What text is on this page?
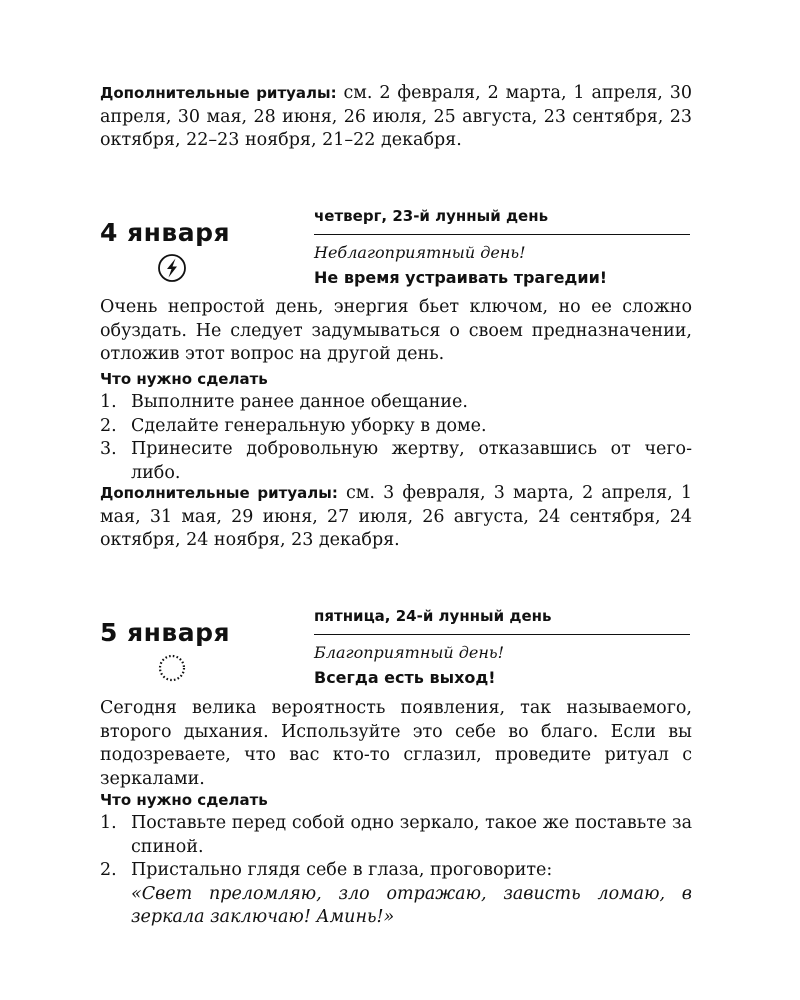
Дополнительные ритуалы: см. 2 февраля, 2 марта, 1 апреля, 30 апреля, 30 мая, 28 июня, 26 июля, 25 августа, 23 сентября, 23 октября, 22–23 ноября, 21–22 декабря.

4 января

четверг, 23-й лунный день

Неблагоприятный день!

Не время устраивать трагедии!

Очень непростой день, энергия бьет ключом, но ее сложно обуздать. Не следует задумываться о своем предназначении, отложив этот вопрос на другой день.

Что нужно сделать
1. Выполните ранее данное обещание.
2. Сделайте генеральную уборку в доме.
3. Принесите добровольную жертву, отказавшись от чего-либо.

Дополнительные ритуалы: см. 3 февраля, 3 марта, 2 апреля, 1 мая, 31 мая, 29 июня, 27 июля, 26 августа, 24 сентября, 24 октября, 24 ноября, 23 декабря.

5 января

пятница, 24-й лунный день

Благоприятный день!

Всегда есть выход!

Сегодня велика вероятность появления, так называемого, второго дыхания. Используйте это себе во благо. Если вы подозреваете, что вас кто-то сглазил, проведите ритуал с зеркалами.

Что нужно сделать
1. Поставьте перед собой одно зеркало, такое же поставьте за спиной.
2. Пристально глядя себе в глаза, проговорите:
«Свет преломляю, зло отражаю, зависть ломаю, в зеркала заключаю! Аминь!»
